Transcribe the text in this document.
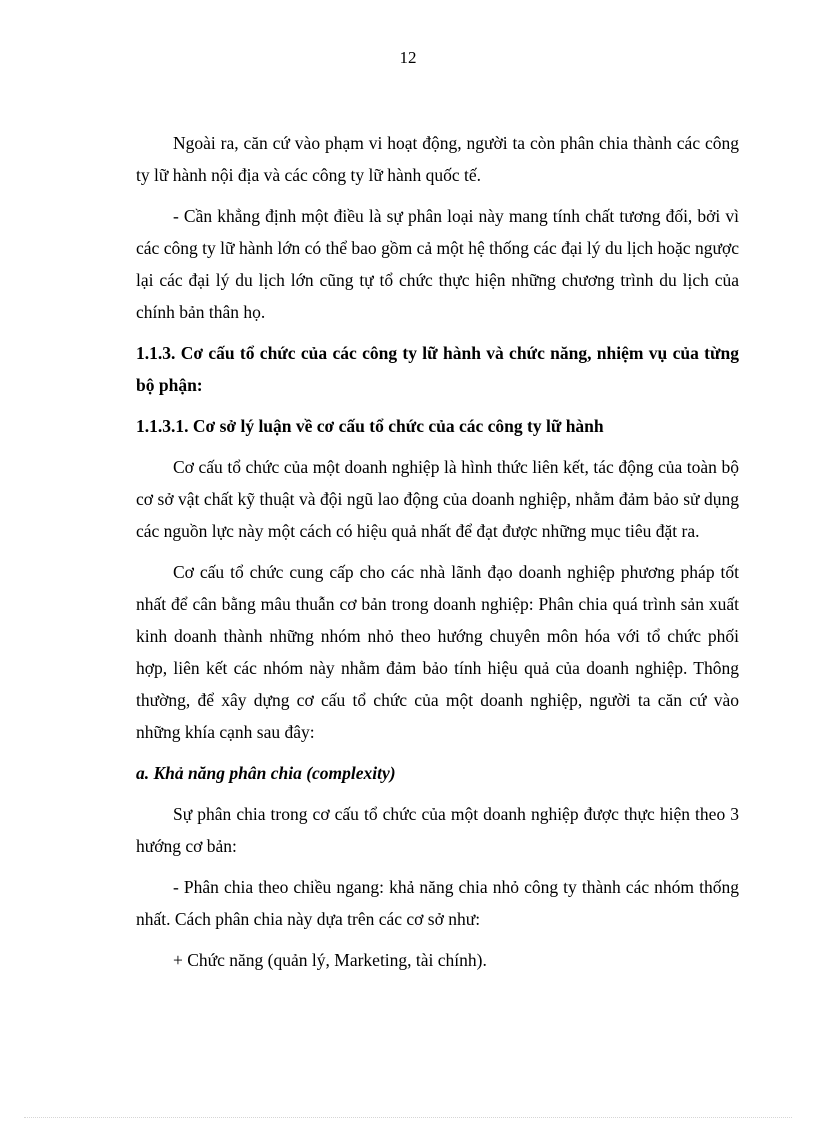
12

Ngoài ra, căn cứ vào phạm vi hoạt động, người ta còn phân chia thành các công ty lữ hành nội địa và các công ty lữ hành quốc tế.

- Cần khẳng định một điều là sự phân loại này mang tính chất tương đối, bởi vì các công ty lữ hành lớn có thể bao gồm cả một hệ thống các đại lý du lịch hoặc ngược lại các đại lý du lịch lớn cũng tự tổ chức thực hiện những chương trình du lịch của chính bản thân họ.

1.1.3. Cơ cấu tổ chức của các công ty lữ hành và chức năng, nhiệm vụ của từng bộ phận:

1.1.3.1. Cơ sở lý luận về cơ cấu tổ chức của các công ty lữ hành

Cơ cấu tổ chức của một doanh nghiệp là hình thức liên kết, tác động của toàn bộ cơ sở vật chất kỹ thuật và đội ngũ lao động của doanh nghiệp, nhằm đảm bảo sử dụng các nguồn lực này một cách có hiệu quả nhất để đạt được những mục tiêu đặt ra.

Cơ cấu tổ chức cung cấp cho các nhà lãnh đạo doanh nghiệp phương pháp tốt nhất để cân bằng mâu thuẫn cơ bản trong doanh nghiệp: Phân chia quá trình sản xuất kinh doanh thành những nhóm nhỏ theo hướng chuyên môn hóa với tổ chức phối hợp, liên kết các nhóm này nhằm đảm bảo tính hiệu quả của doanh nghiệp. Thông thường, để xây dựng cơ cấu tổ chức của một doanh nghiệp, người ta căn cứ vào những khía cạnh sau đây:

a. Khả năng phân chia (complexity)

Sự phân chia trong cơ cấu tổ chức của một doanh nghiệp được thực hiện theo 3 hướng cơ bản:

- Phân chia theo chiều ngang: khả năng chia nhỏ công ty thành các nhóm thống nhất. Cách phân chia này dựa trên các cơ sở như:

+ Chức năng (quản lý, Marketing, tài chính).
